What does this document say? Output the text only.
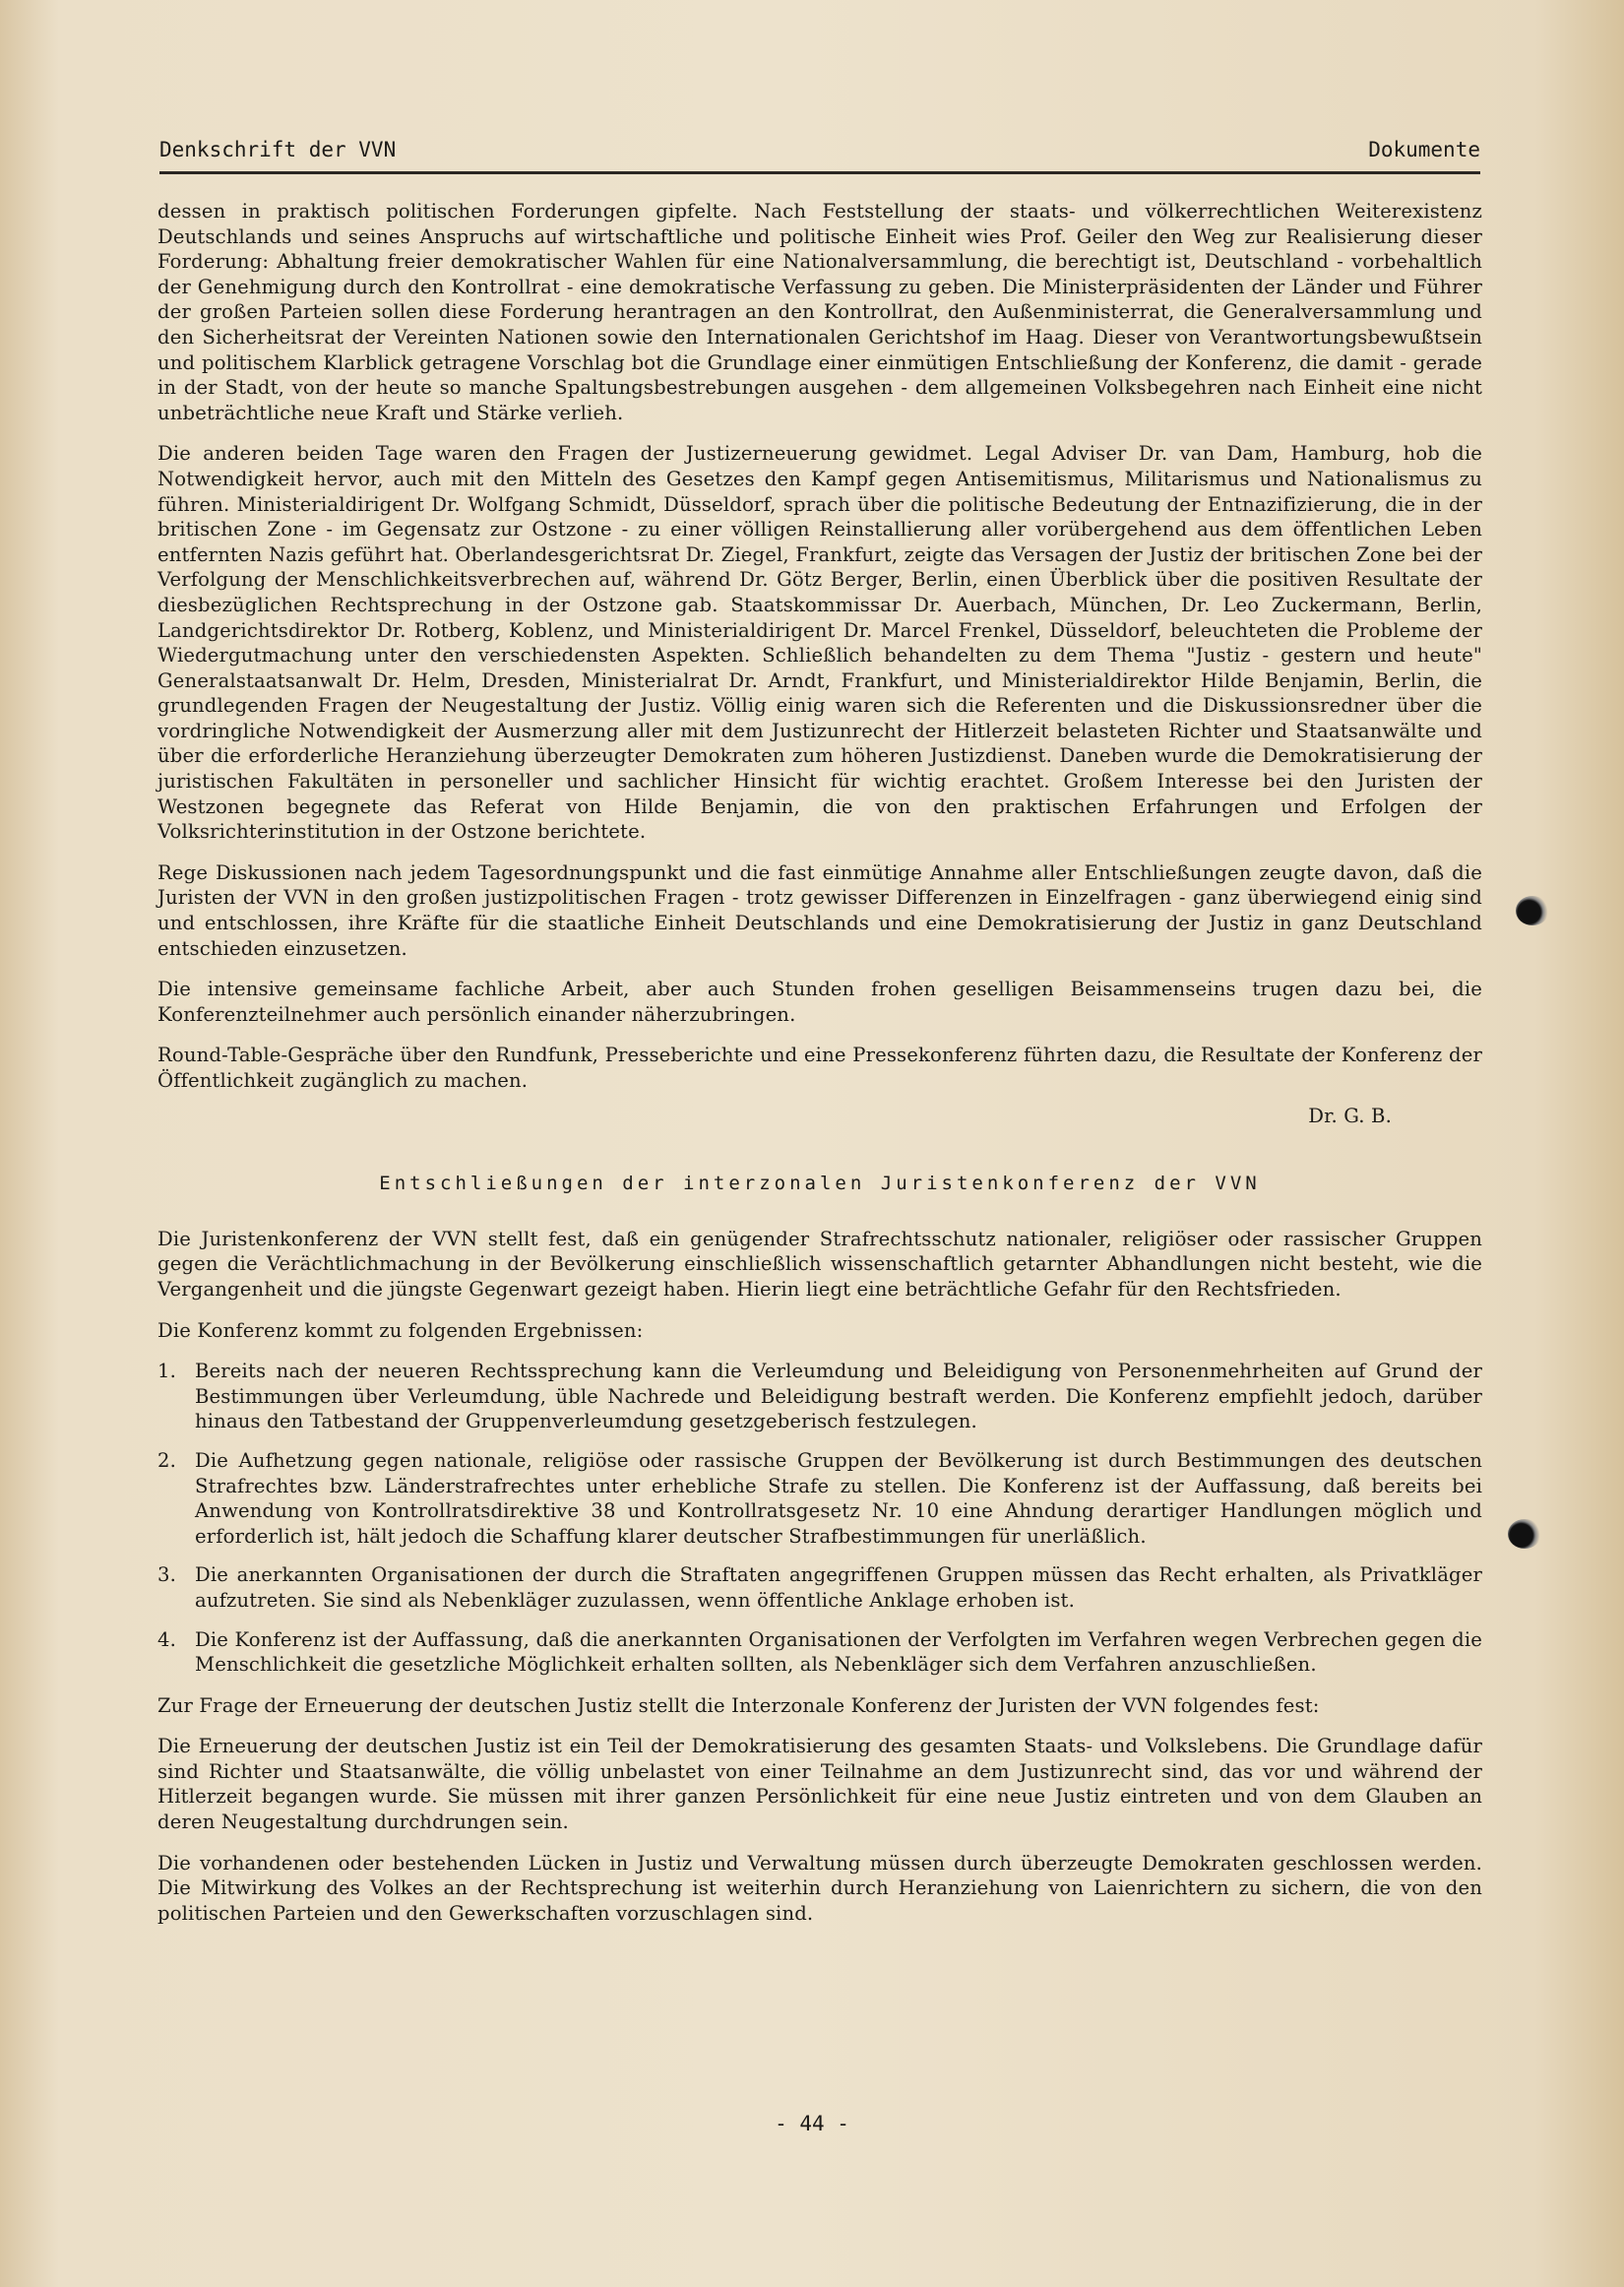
Denkschrift der VVN	Dokumente

dessen in praktisch politischen Forderungen gipfelte. Nach Feststellung der staats- und völkerrechtlichen Weiterexistenz Deutschlands und seines Anspruchs auf wirtschaftliche und politische Einheit wies Prof. Geiler den Weg zur Realisierung dieser Forderung: Abhaltung freier demokratischer Wahlen für eine Nationalversammlung, die berechtigt ist, Deutschland - vorbehaltlich der Genehmigung durch den Kontrollrat - eine demokratische Verfassung zu geben. Die Ministerpräsidenten der Länder und Führer der großen Parteien sollen diese Forderung herantragen an den Kontrollrat, den Außenministerrat, die Generalversammlung und den Sicherheitsrat der Vereinten Nationen sowie den Internationalen Gerichtshof im Haag. Dieser von Verantwortungsbewußtsein und politischem Klarblick getragene Vorschlag bot die Grundlage einer einmütigen Entschließung der Konferenz, die damit - gerade in der Stadt, von der heute so manche Spaltungsbestrebungen ausgehen - dem allgemeinen Volksbegehren nach Einheit eine nicht unbeträchtliche neue Kraft und Stärke verlieh.

Die anderen beiden Tage waren den Fragen der Justizerneuerung gewidmet. Legal Adviser Dr. van Dam, Hamburg, hob die Notwendigkeit hervor, auch mit den Mitteln des Gesetzes den Kampf gegen Antisemitismus, Militarismus und Nationalismus zu führen. Ministerialdirigent Dr. Wolfgang Schmidt, Düsseldorf, sprach über die politische Bedeutung der Entnazifizierung, die in der britischen Zone - im Gegensatz zur Ostzone - zu einer völligen Reinstallierung aller vorübergehend aus dem öffentlichen Leben entfernten Nazis geführt hat. Oberlandesgerichtsrat Dr. Ziegel, Frankfurt, zeigte das Versagen der Justiz der britischen Zone bei der Verfolgung der Menschlichkeitsverbrechen auf, während Dr. Götz Berger, Berlin, einen Überblick über die positiven Resultate der diesbezüglichen Rechtsprechung in der Ostzone gab. Staatskommissar Dr. Auerbach, München, Dr. Leo Zuckermann, Berlin, Landgerichtsdirektor Dr. Rotberg, Koblenz, und Ministerialdirigent Dr. Marcel Frenkel, Düsseldorf, beleuchteten die Probleme der Wiedergutmachung unter den verschiedensten Aspekten. Schließlich behandelten zu dem Thema "Justiz - gestern und heute" Generalstaatsanwalt Dr. Helm, Dresden, Ministerialrat Dr. Arndt, Frankfurt, und Ministerialdirektor Hilde Benjamin, Berlin, die grundlegenden Fragen der Neugestaltung der Justiz. Völlig einig waren sich die Referenten und die Diskussionsredner über die vordringliche Notwendigkeit der Ausmerzung aller mit dem Justizunrecht der Hitlerzeit belasteten Richter und Staatsanwälte und über die erforderliche Heranziehung überzeugter Demokraten zum höheren Justizdienst. Daneben wurde die Demokratisierung der juristischen Fakultäten in personeller und sachlicher Hinsicht für wichtig erachtet. Großem Interesse bei den Juristen der Westzonen begegnete das Referat von Hilde Benjamin, die von den praktischen Erfahrungen und Erfolgen der Volksrichterinstitution in der Ostzone berichtete.

Rege Diskussionen nach jedem Tagesordnungspunkt und die fast einmütige Annahme aller Entschließungen zeugte davon, daß die Juristen der VVN in den großen justizpolitischen Fragen - trotz gewisser Differenzen in Einzelfragen - ganz überwiegend einig sind und entschlossen, ihre Kräfte für die staatliche Einheit Deutschlands und eine Demokratisierung der Justiz in ganz Deutschland entschieden einzusetzen.

Die intensive gemeinsame fachliche Arbeit, aber auch Stunden frohen geselligen Beisammenseins trugen dazu bei, die Konferenzteilnehmer auch persönlich einander näherzubringen.

Round-Table-Gespräche über den Rundfunk, Presseberichte und eine Pressekonferenz führten dazu, die Resultate der Konferenz der Öffentlichkeit zugänglich zu machen.

Dr. G. B.
Entschließungen der interzonalen Juristenkonferenz der VVN

Die Juristenkonferenz der VVN stellt fest, daß ein genügender Strafrechtsschutz nationaler, religiöser oder rassischer Gruppen gegen die Verächtlichmachung in der Bevölkerung einschließlich wissenschaftlich getarnter Abhandlungen nicht besteht, wie die Vergangenheit und die jüngste Gegenwart gezeigt haben. Hierin liegt eine beträchtliche Gefahr für den Rechtsfrieden.

Die Konferenz kommt zu folgenden Ergebnissen:

1. Bereits nach der neueren Rechtssprechung kann die Verleumdung und Beleidigung von Personenmehrheiten auf Grund der Bestimmungen über Verleumdung, üble Nachrede und Beleidigung bestraft werden. Die Konferenz empfiehlt jedoch, darüber hinaus den Tatbestand der Gruppenverleumdung gesetzgeberisch festzulegen.
2. Die Aufhetzung gegen nationale, religiöse oder rassische Gruppen der Bevölkerung ist durch Bestimmungen des deutschen Strafrechtes bzw. Länderstrafrechtes unter erhebliche Strafe zu stellen. Die Konferenz ist der Auffassung, daß bereits bei Anwendung von Kontrollratsdirektive 38 und Kontrollratsgesetz Nr. 10 eine Ahndung derartiger Handlungen möglich und erforderlich ist, hält jedoch die Schaffung klarer deutscher Strafbestimmungen für unerläßlich.
3. Die anerkannten Organisationen der durch die Straftaten angegriffenen Gruppen müssen das Recht erhalten, als Privatkläger aufzutreten. Sie sind als Nebenkläger zuzulassen, wenn öffentliche Anklage erhoben ist.
4. Die Konferenz ist der Auffassung, daß die anerkannten Organisationen der Verfolgten im Verfahren wegen Verbrechen gegen die Menschlichkeit die gesetzliche Möglichkeit erhalten sollten, als Nebenkläger sich dem Verfahren anzuschließen.

Zur Frage der Erneuerung der deutschen Justiz stellt die Interzonale Konferenz der Juristen der VVN folgendes fest:

Die Erneuerung der deutschen Justiz ist ein Teil der Demokratisierung des gesamten Staats- und Volkslebens. Die Grundlage dafür sind Richter und Staatsanwälte, die völlig unbelastet von einer Teilnahme an dem Justizunrecht sind, das vor und während der Hitlerzeit begangen wurde. Sie müssen mit ihrer ganzen Persönlichkeit für eine neue Justiz eintreten und von dem Glauben an deren Neugestaltung durchdrungen sein.

Die vorhandenen oder bestehenden Lücken in Justiz und Verwaltung müssen durch überzeugte Demokraten geschlossen werden. Die Mitwirkung des Volkes an der Rechtsprechung ist weiterhin durch Heranziehung von Laienrichtern zu sichern, die von den politischen Parteien und den Gewerkschaften vorzuschlagen sind.

- 44 -
